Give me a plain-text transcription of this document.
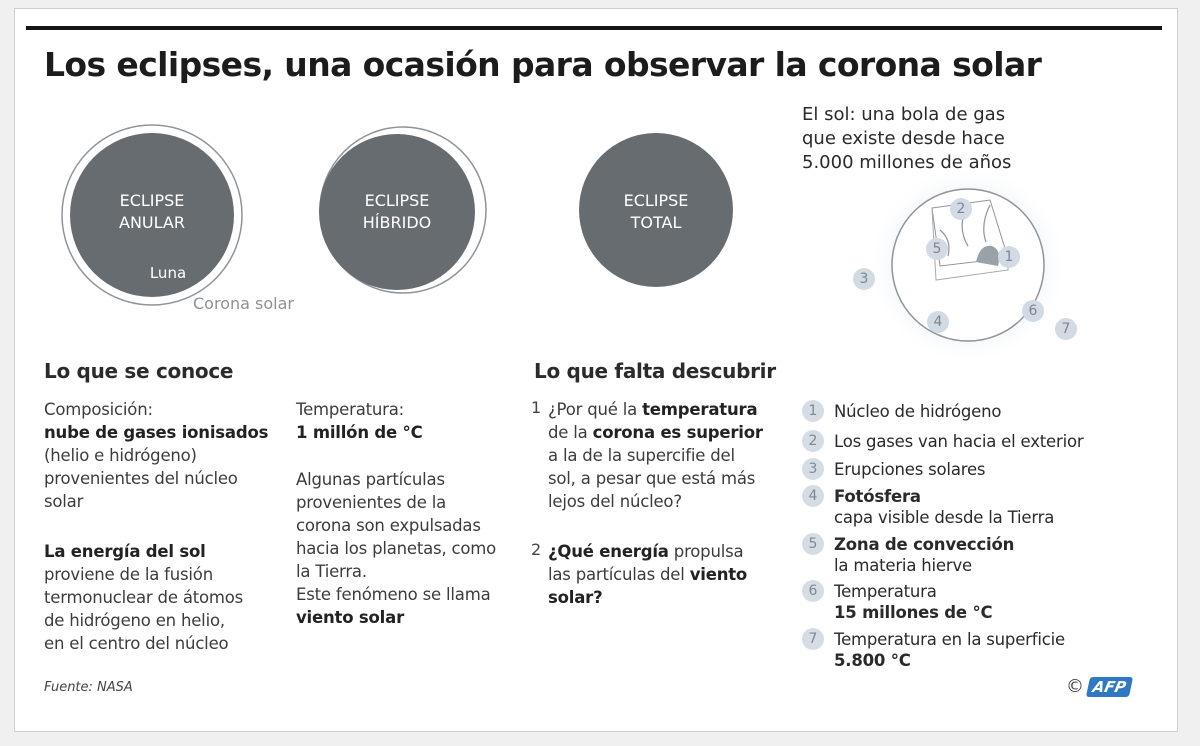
Los eclipses, una ocasión para observar la corona solar
ECLIPSE
ANULAR
Luna
Corona solar
ECLIPSE
HÍBRIDO
ECLIPSE
TOTAL
El sol: una bola de gas
que existe desde hace
5.000 millones de años
1
2
3
4
5
6
7
Lo que se conoce	Lo que falta descubrir
Composición:
nube de gases ionisados
(helio e hidrógeno)
provenientes del núcleo
solar
La energía del sol
proviene de la fusión
termonuclear de átomos
de hidrógeno en helio,
en el centro del núcleo
Temperatura:
1 millón de °C
Algunas partículas
provenientes de la
corona son expulsadas
hacia los planetas, como
la Tierra.
Este fenómeno se llama
viento solar
1 ¿Por qué la temperatura
de la corona es superior
a la de la supercifie del
sol, a pesar que está más
lejos del núcleo?
2 ¿Qué energía propulsa
las partículas del viento
solar?
1	Núcleo de hidrógeno
2	Los gases van hacia el exterior
3	Erupciones solares
4	Fotósfera
capa visible desde la Tierra
5	Zona de convección
la materia hierve
6	Temperatura
15 millones de °C
7	Temperatura en la superficie
5.800 °C
Fuente: NASA	© AFP
